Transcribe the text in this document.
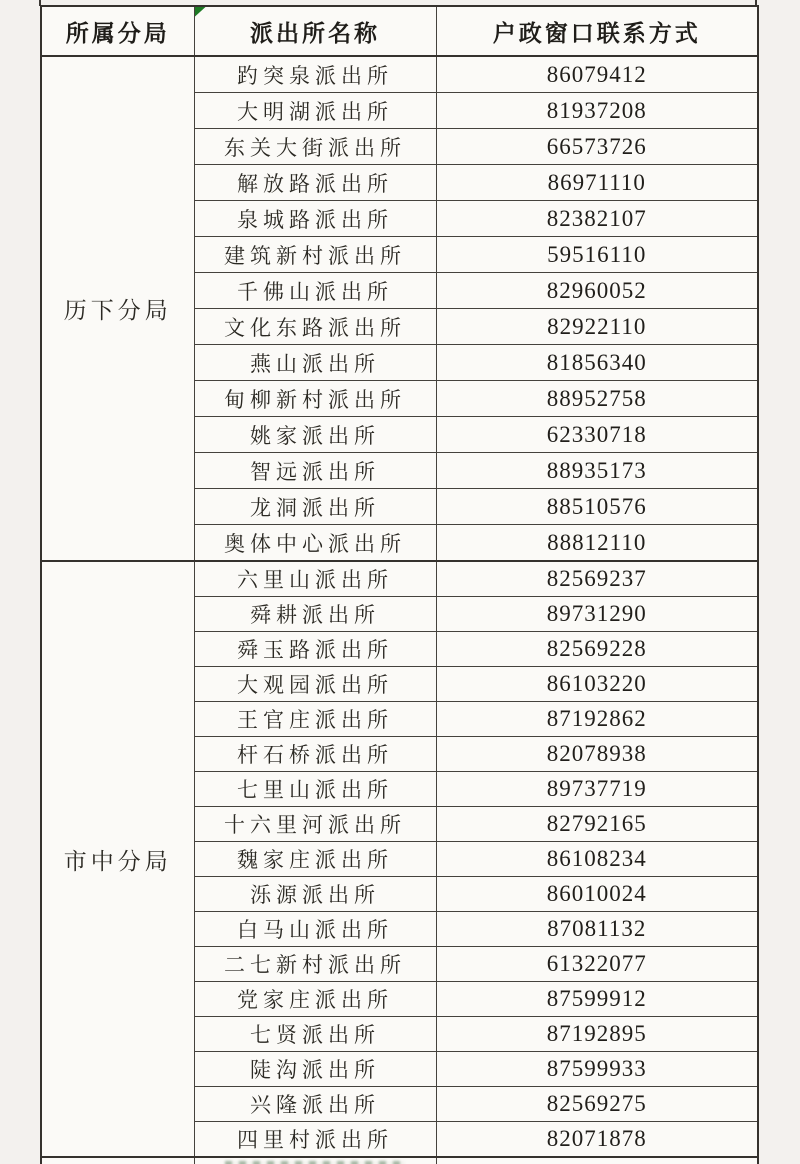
所属分局	派出所名称	户政窗口联系方式
历下分局	趵突泉派出所	86079412
	大明湖派出所	81937208
	东关大街派出所	66573726
	解放路派出所	86971110
	泉城路派出所	82382107
	建筑新村派出所	59516110
	千佛山派出所	82960052
	文化东路派出所	82922110
	燕山派出所	81856340
	甸柳新村派出所	88952758
	姚家派出所	62330718
	智远派出所	88935173
	龙洞派出所	88510576
	奥体中心派出所	88812110
市中分局	六里山派出所	82569237
	舜耕派出所	89731290
	舜玉路派出所	82569228
	大观园派出所	86103220
	王官庄派出所	87192862
	杆石桥派出所	82078938
	七里山派出所	89737719
	十六里河派出所	82792165
	魏家庄派出所	86108234
	泺源派出所	86010024
	白马山派出所	87081132
	二七新村派出所	61322077
	党家庄派出所	87599912
	七贤派出所	87192895
	陡沟派出所	87599933
	兴隆派出所	82569275
	四里村派出所	82071878
